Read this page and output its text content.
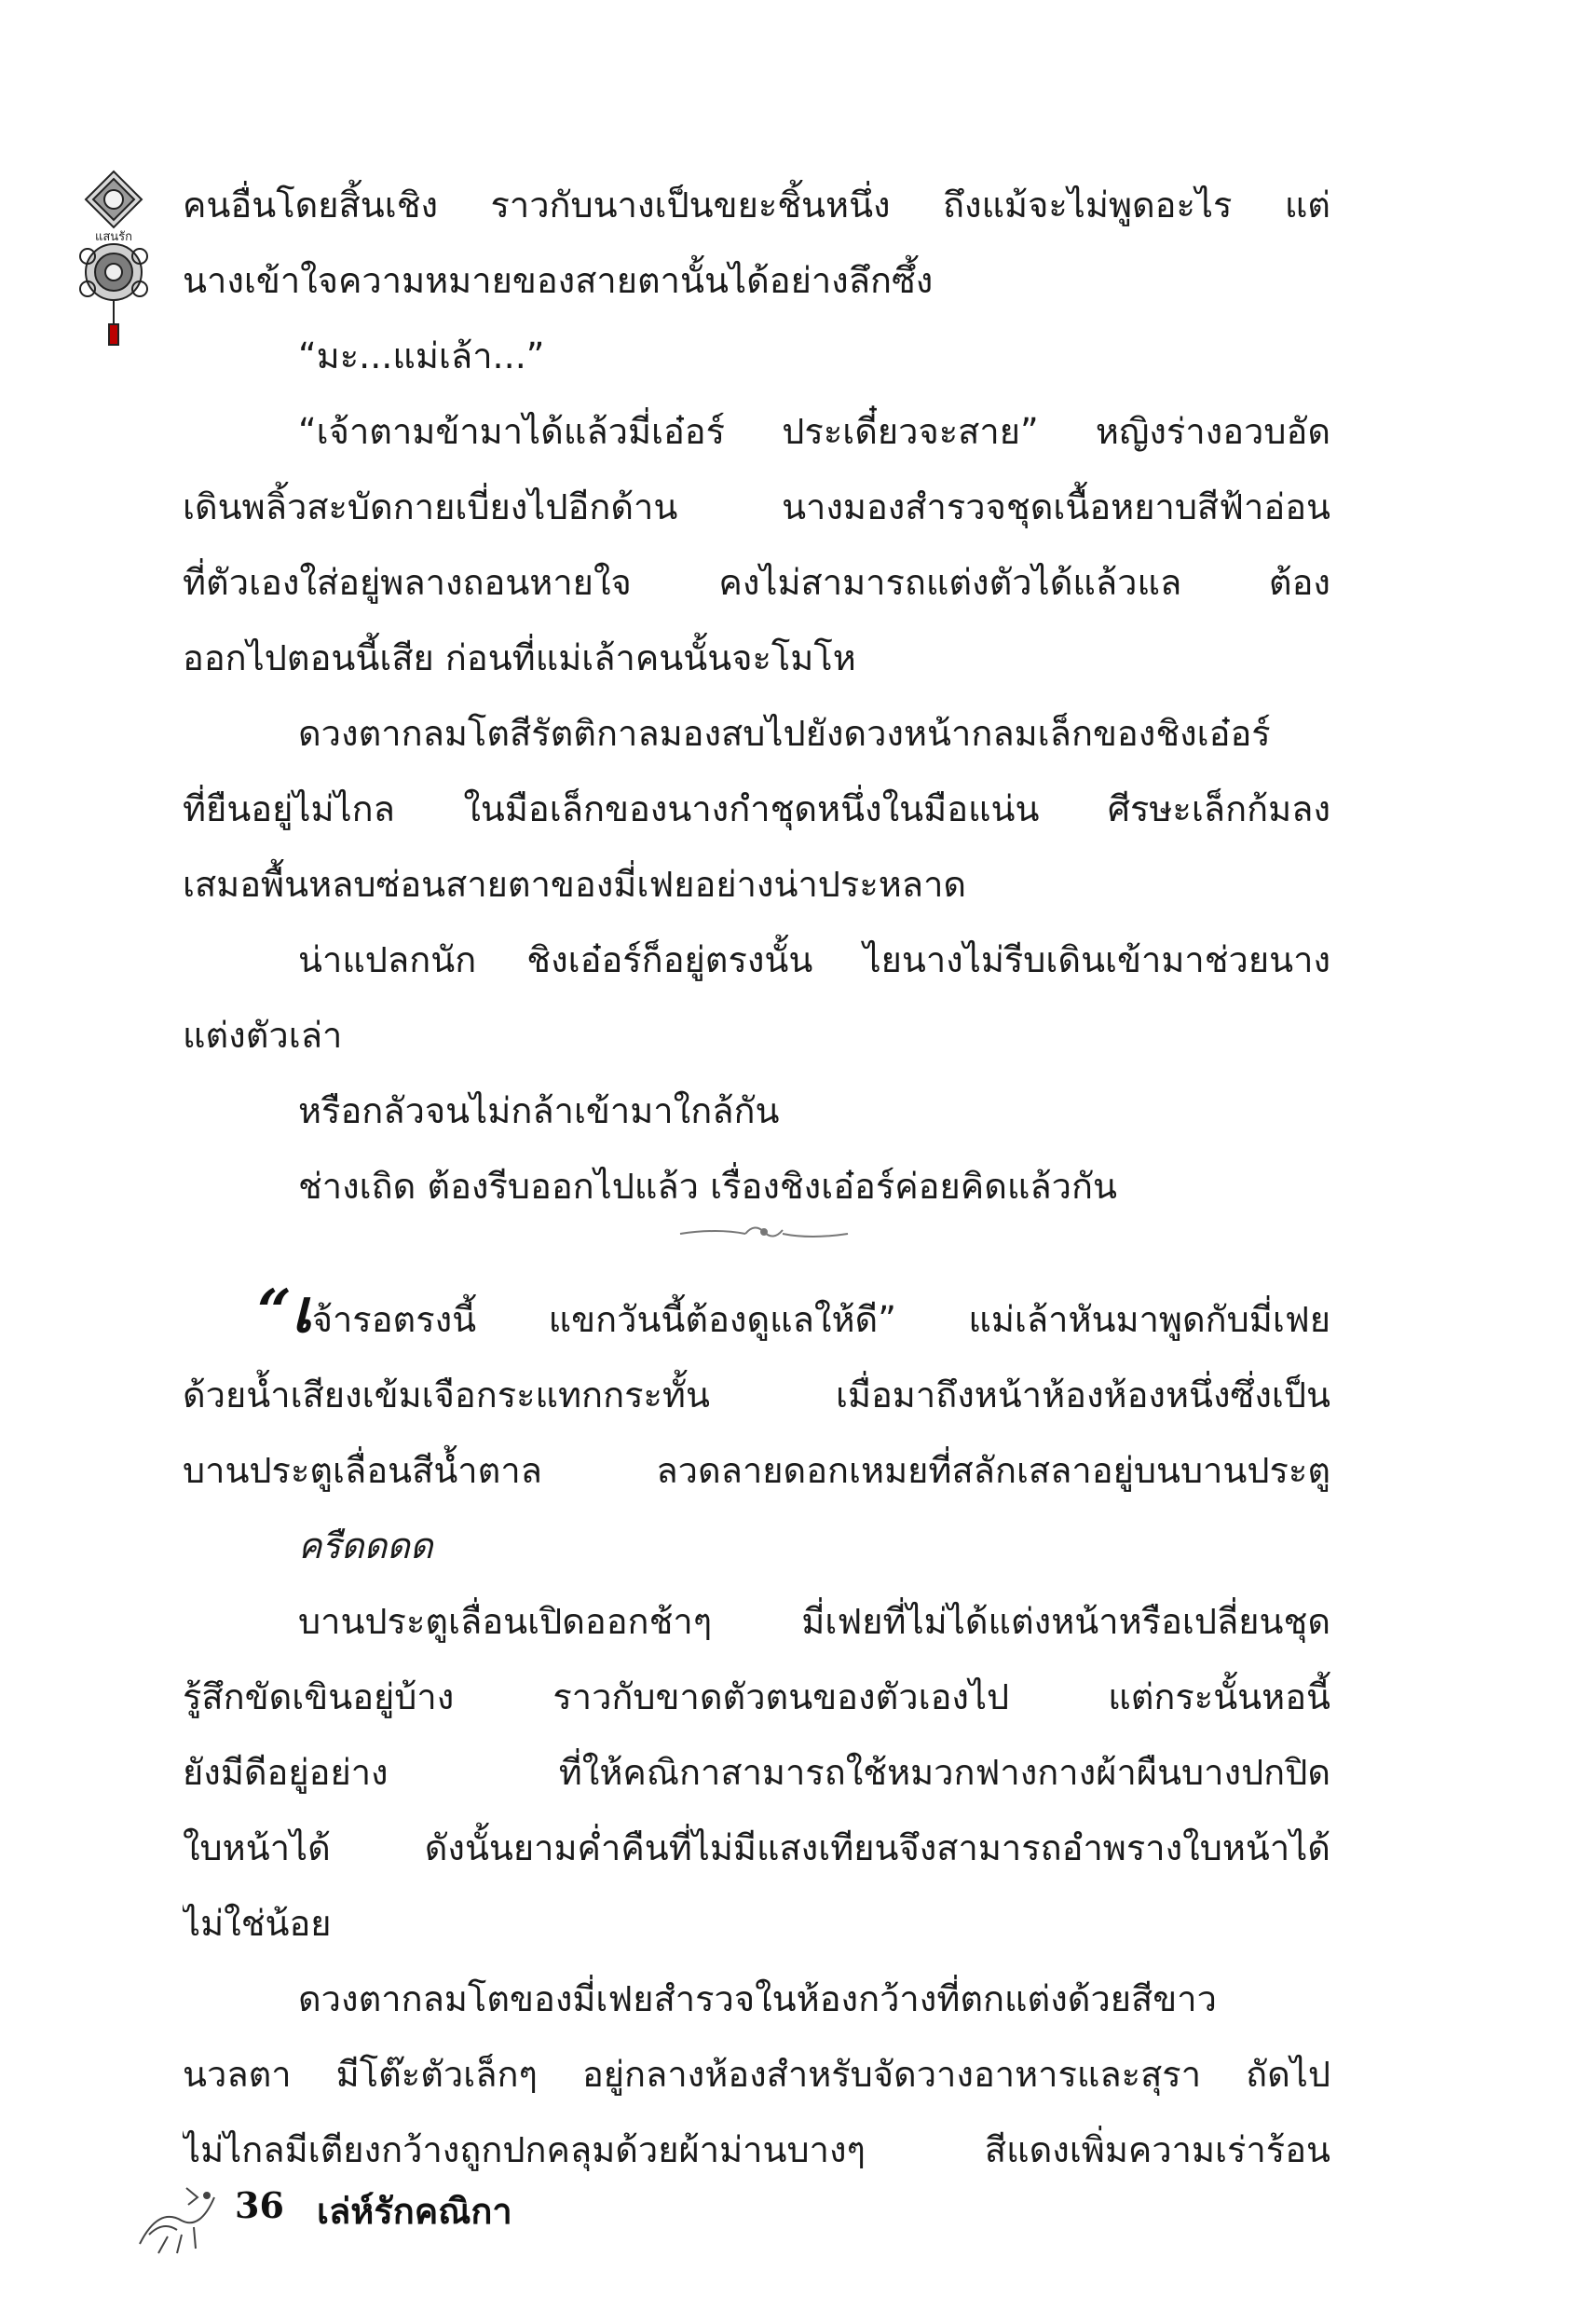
แสนรัก
คนอื่นโดยสิ้นเชิง ราวกับนางเป็นขยะชิ้นหนึ่ง ถึงแม้จะไม่พูดอะไร แต่
นางเข้าใจความหมายของสายตานั้นได้อย่างลึกซึ้ง
“มะ...แม่เล้า...”
“เจ้าตามข้ามาได้แล้วมี่เอ๋อร์ ประเดี๋ยวจะสาย” หญิงร่างอวบอัด
เดินพลิ้วสะบัดกายเบี่ยงไปอีกด้าน นางมองสำรวจชุดเนื้อหยาบสีฟ้าอ่อน
ที่ตัวเองใส่อยู่พลางถอนหายใจ คงไม่สามารถแต่งตัวได้แล้วแล ต้อง
ออกไปตอนนี้เสีย ก่อนที่แม่เล้าคนนั้นจะโมโห
ดวงตากลมโตสีรัตติกาลมองสบไปยังดวงหน้ากลมเล็กของชิงเอ๋อร์
ที่ยืนอยู่ไม่ไกล ในมือเล็กของนางกำชุดหนึ่งในมือแน่น ศีรษะเล็กก้มลง
เสมอพื้นหลบซ่อนสายตาของมี่เฟยอย่างน่าประหลาด
น่าแปลกนัก ชิงเอ๋อร์ก็อยู่ตรงนั้น ไยนางไม่รีบเดินเข้ามาช่วยนาง
แต่งตัวเล่า
หรือกลัวจนไม่กล้าเข้ามาใกล้กัน
ช่างเถิด ต้องรีบออกไปแล้ว เรื่องชิงเอ๋อร์ค่อยคิดแล้วกัน
“เจ้ารอตรงนี้ แขกวันนี้ต้องดูแลให้ดี” แม่เล้าหันมาพูดกับมี่เฟย
ด้วยน้ำเสียงเข้มเจือกระแทกกระทั้น เมื่อมาถึงหน้าห้องห้องหนึ่งซึ่งเป็น
บานประตูเลื่อนสีน้ำตาล ลวดลายดอกเหมยที่สลักเสลาอยู่บนบานประตู
ครืดดดด
บานประตูเลื่อนเปิดออกช้าๆ มี่เฟยที่ไม่ได้แต่งหน้าหรือเปลี่ยนชุด
รู้สึกขัดเขินอยู่บ้าง ราวกับขาดตัวตนของตัวเองไป แต่กระนั้นหอนี้
ยังมีดีอยู่อย่าง ที่ให้คณิกาสามารถใช้หมวกฟางกางผ้าผืนบางปกปิด
ใบหน้าได้ ดังนั้นยามค่ำคืนที่ไม่มีแสงเทียนจึงสามารถอำพรางใบหน้าได้
ไม่ใช่น้อย
ดวงตากลมโตของมี่เฟยสำรวจในห้องกว้างที่ตกแต่งด้วยสีขาว
นวลตา มีโต๊ะตัวเล็กๆ อยู่กลางห้องสำหรับจัดวางอาหารและสุรา ถัดไป
ไม่ไกลมีเตียงกว้างถูกปกคลุมด้วยผ้าม่านบางๆ สีแดงเพิ่มความเร่าร้อน
36 เล่ห์รักคณิกา
